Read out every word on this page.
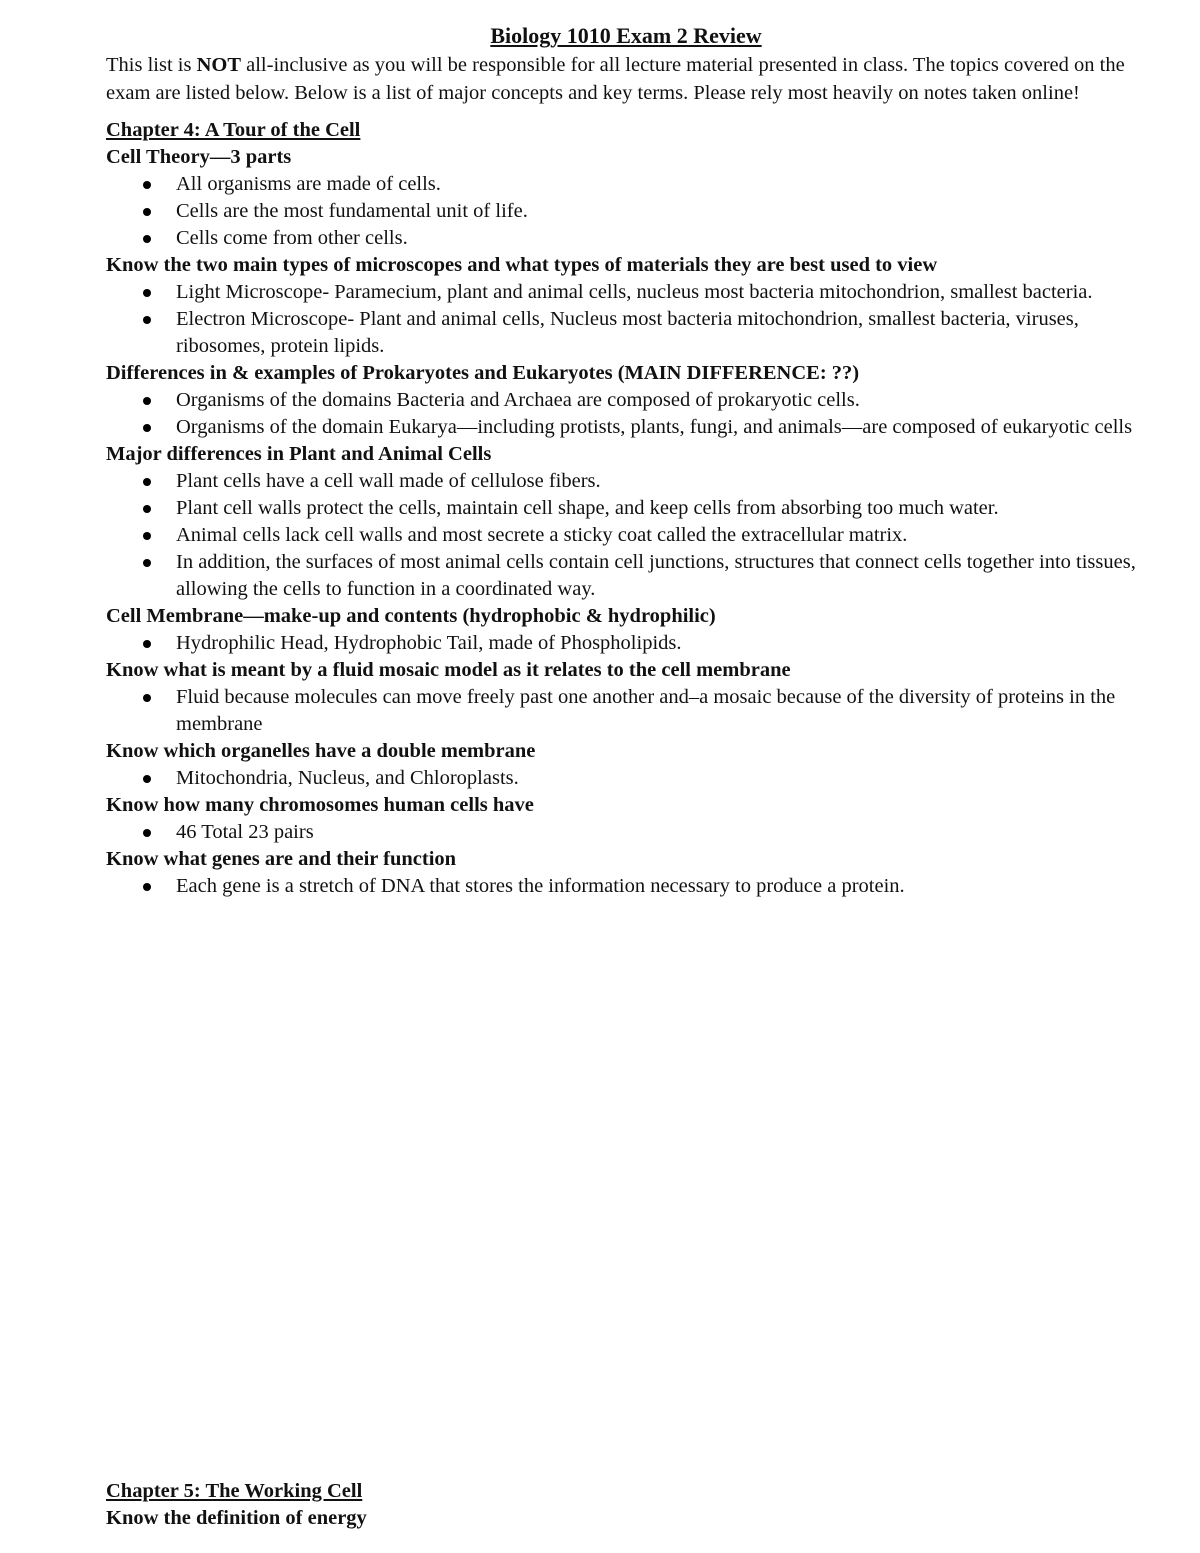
Biology 1010 Exam 2 Review

This list is NOT all-inclusive as you will be responsible for all lecture material presented in class. The topics covered on the exam are listed below. Below is a list of major concepts and key terms. Please rely most heavily on notes taken online!

Chapter 4: A Tour of the Cell
Cell Theory—3 parts
All organisms are made of cells.
Cells are the most fundamental unit of life.
Cells come from other cells.
Know the two main types of microscopes and what types of materials they are best used to view
Light Microscope- Paramecium, plant and animal cells, nucleus most bacteria mitochondrion, smallest bacteria.
Electron Microscope- Plant and animal cells, Nucleus most bacteria mitochondrion, smallest bacteria, viruses, ribosomes, protein lipids.
Differences in & examples of Prokaryotes and Eukaryotes (MAIN DIFFERENCE: ??)
Organisms of the domains Bacteria and Archaea are composed of prokaryotic cells.
Organisms of the domain Eukarya—including protists, plants, fungi, and animals—are composed of eukaryotic cells
Major differences in Plant and Animal Cells
Plant cells have a cell wall made of cellulose fibers.
Plant cell walls protect the cells, maintain cell shape, and keep cells from absorbing too much water.
Animal cells lack cell walls and most secrete a sticky coat called the extracellular matrix.
In addition, the surfaces of most animal cells contain cell junctions, structures that connect cells together into tissues, allowing the cells to function in a coordinated way.
Cell Membrane—make-up and contents (hydrophobic & hydrophilic)
Hydrophilic Head, Hydrophobic Tail, made of Phospholipids.
Know what is meant by a fluid mosaic model as it relates to the cell membrane
Fluid because molecules can move freely past one another and–a mosaic because of the diversity of proteins in the membrane
Know which organelles have a double membrane
Mitochondria, Nucleus, and Chloroplasts.
Know how many chromosomes human cells have
46 Total 23 pairs
Know what genes are and their function
Each gene is a stretch of DNA that stores the information necessary to produce a protein.
Chapter 5: The Working Cell
Know the definition of energy
